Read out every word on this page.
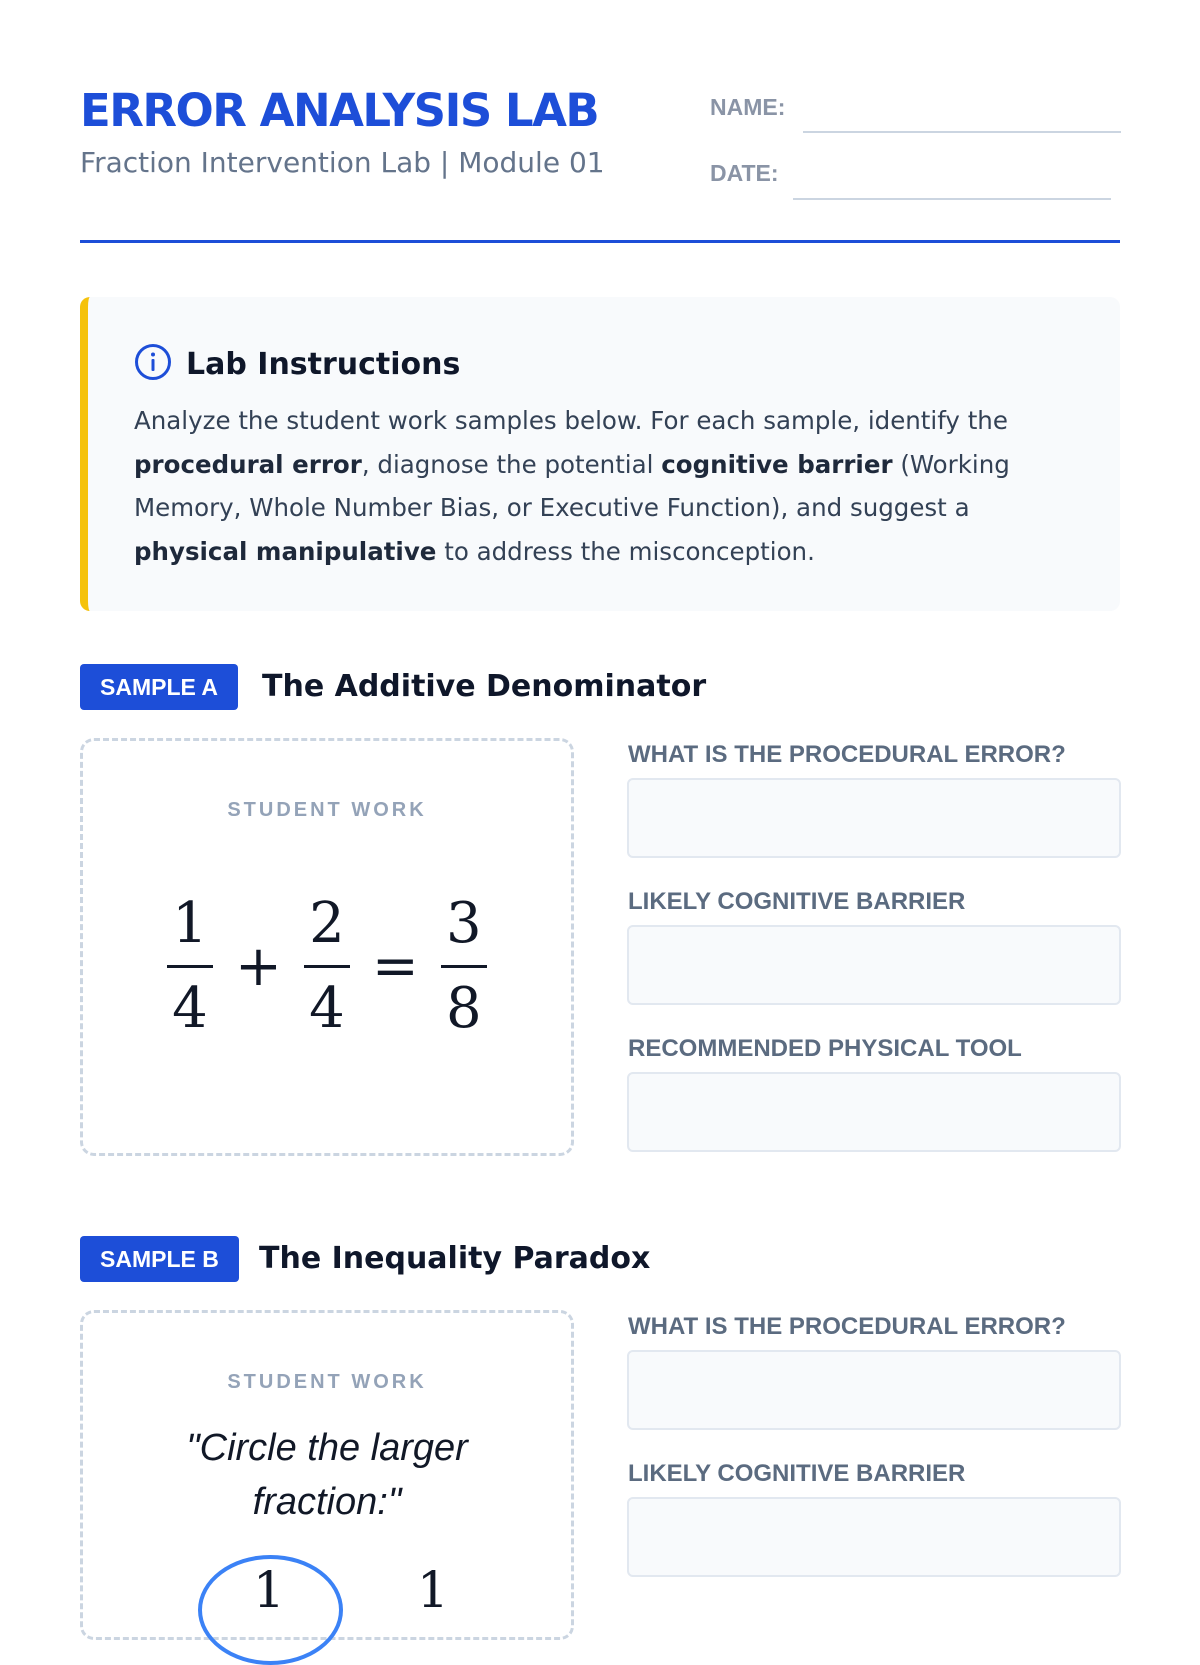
ERROR ANALYSIS LAB
Fraction Intervention Lab | Module 01
NAME:
DATE:
Lab Instructions
Analyze the student work samples below. For each sample, identify the procedural error, diagnose the potential cognitive barrier (Working Memory, Whole Number Bias, or Executive Function), and suggest a physical manipulative to address the misconception.
SAMPLE A	The Additive Denominator
STUDENT WORK
$\frac{1}{4} + \frac{2}{4} = \frac{3}{8}$
WHAT IS THE PROCEDURAL ERROR?
LIKELY COGNITIVE BARRIER
RECOMMENDED PHYSICAL TOOL
SAMPLE B	The Inequality Paradox
STUDENT WORK
"Circle the larger fraction:"
1	1
WHAT IS THE PROCEDURAL ERROR?
LIKELY COGNITIVE BARRIER
